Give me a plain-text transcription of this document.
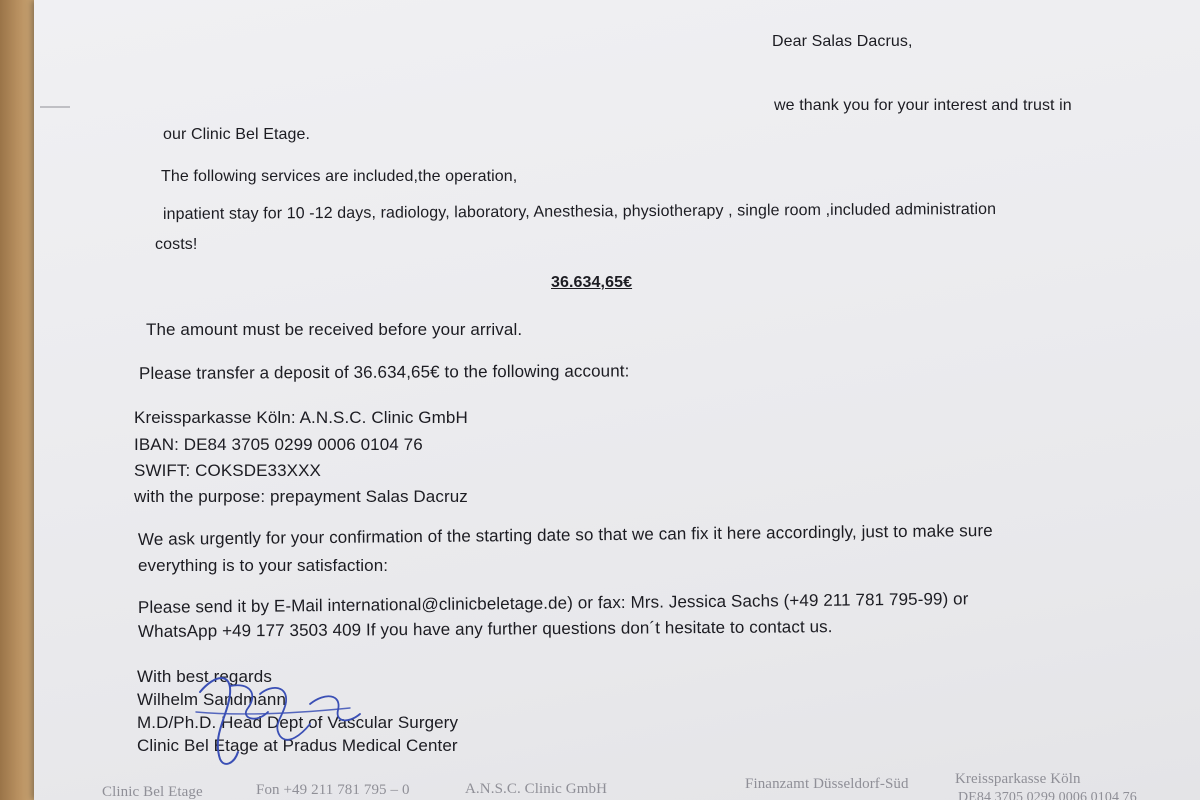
Dear Salas Dacrus,
we thank you for your interest and trust in
our Clinic Bel Etage.
The following services are included,the operation,
inpatient stay for 10 -12 days, radiology, laboratory, Anesthesia, physiotherapy , single room ,included administration
costs!
36.634,65€
The amount must be received before your arrival.
Please transfer a deposit of 36.634,65€ to the following account:
Kreissparkasse Köln: A.N.S.C. Clinic GmbH
IBAN: DE84 3705 0299 0006 0104 76
SWIFT: COKSDE33XXX
with the purpose: prepayment Salas Dacruz
We ask urgently for your confirmation of the starting date so that we can fix it here accordingly, just to make sure
everything is to your satisfaction:
Please send it by E-Mail international@clinicbeletage.de) or fax: Mrs. Jessica Sachs (+49 211 781 795-99) or
WhatsApp +49 177 3503 409 If you have any further questions don´t hesitate to contact us.
With best regards
Wilhelm Sandmann
M.D/Ph.D. Head Dept of Vascular Surgery
Clinic Bel Etage at Pradus Medical Center
Clinic Bel Etage	Fon +49 211 781 795 – 0	A.N.S.C. Clinic GmbH	Finanzamt Düsseldorf-Süd	Kreissparkasse Köln
DE84 3705 0299 0006 0104 76
